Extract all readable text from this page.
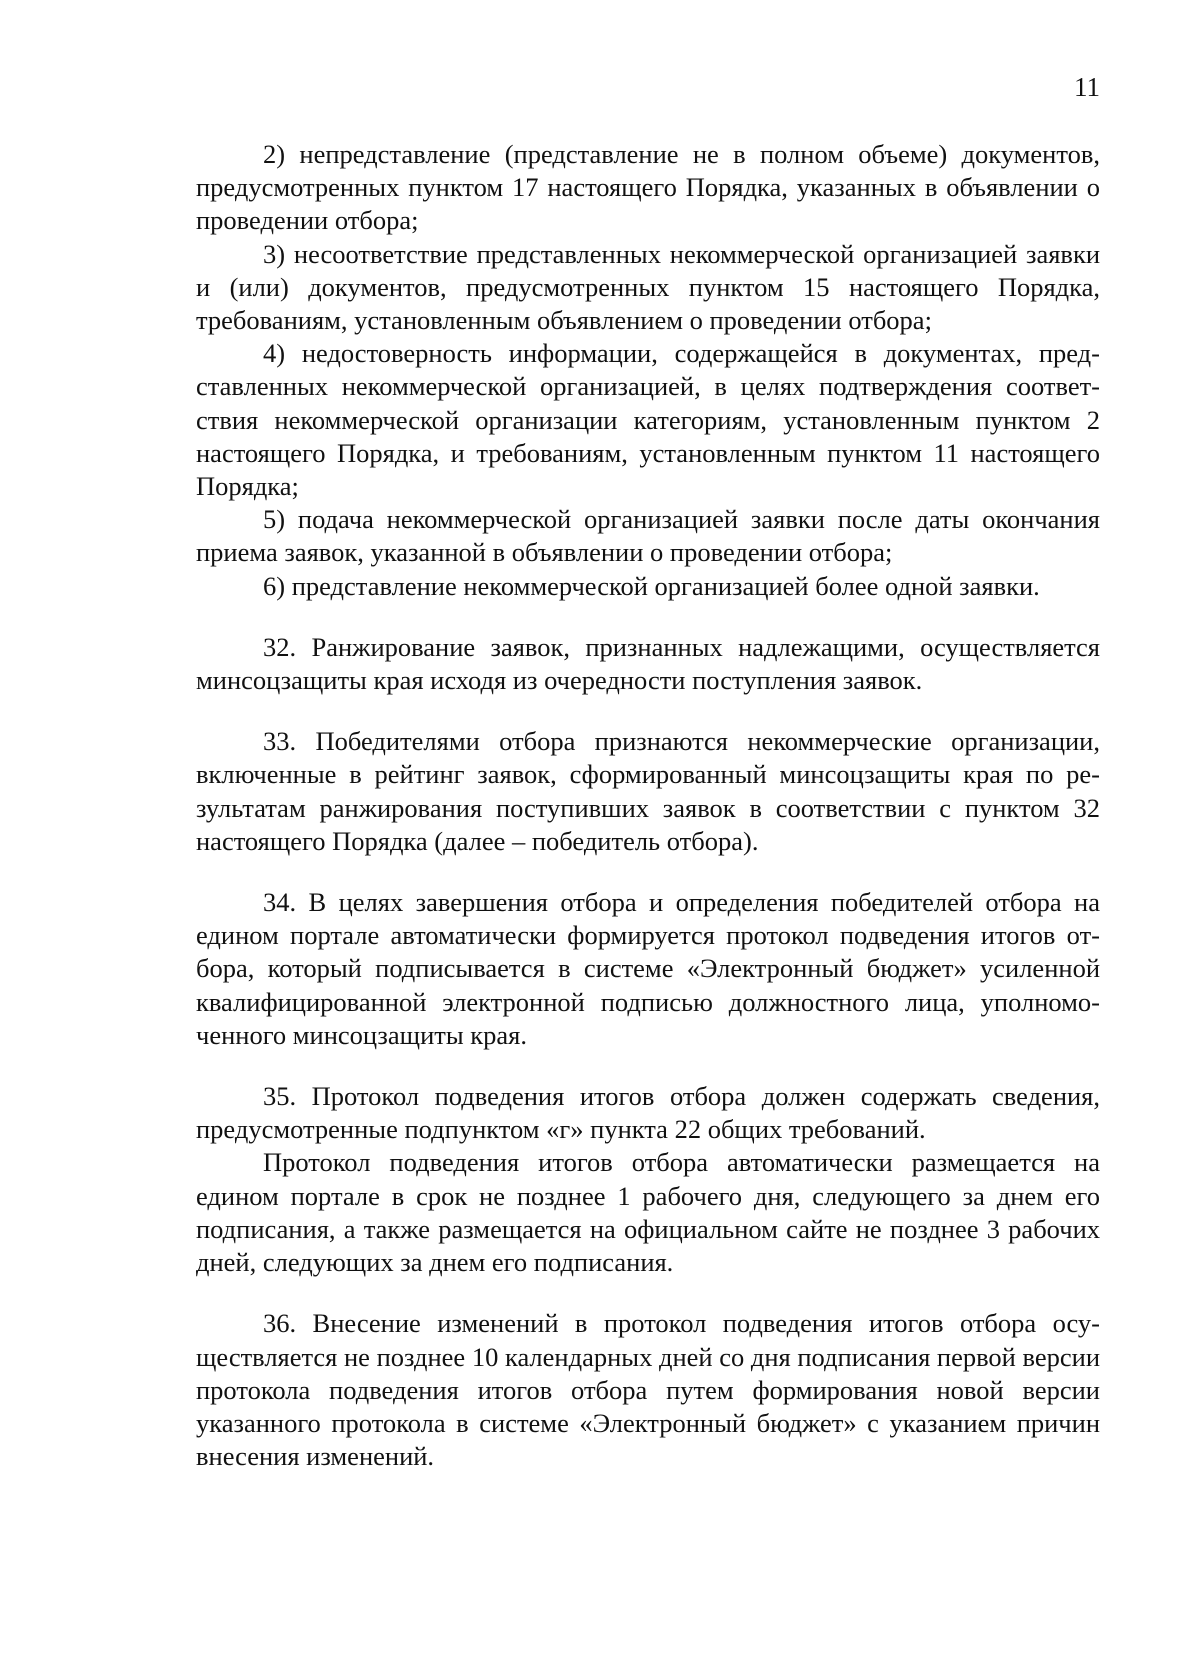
11

2) непредставление (представление не в полном объеме) документов, предусмотренных пунктом 17 настоящего Порядка, указанных в объявлении о проведении отбора;

3) несоответствие представленных некоммерческой организацией заявки и (или) документов, предусмотренных пунктом 15 настоящего Порядка, требованиям, установленным объявлением о проведении отбора;

4) недостоверность информации, содержащейся в документах, представленных некоммерческой организацией, в целях подтверждения соответствия некоммерческой организации категориям, установленным пунктом 2 настоящего Порядка, и требованиям, установленным пунктом 11 настоящего Порядка;

5) подача некоммерческой организацией заявки после даты окончания приема заявок, указанной в объявлении о проведении отбора;

6) представление некоммерческой организацией более одной заявки.

32. Ранжирование заявок, признанных надлежащими, осуществляется минсоцзащиты края исходя из очередности поступления заявок.

33. Победителями отбора признаются некоммерческие организации, включенные в рейтинг заявок, сформированный минсоцзащиты края по результатам ранжирования поступивших заявок в соответствии с пунктом 32 настоящего Порядка (далее – победитель отбора).

34. В целях завершения отбора и определения победителей отбора на едином портале автоматически формируется протокол подведения итогов отбора, который подписывается в системе «Электронный бюджет» усиленной квалифицированной электронной подписью должностного лица, уполномоченного минсоцзащиты края.

35. Протокол подведения итогов отбора должен содержать сведения, предусмотренные подпунктом «г» пункта 22 общих требований.

Протокол подведения итогов отбора автоматически размещается на едином портале в срок не позднее 1 рабочего дня, следующего за днем его подписания, а также размещается на официальном сайте не позднее 3 рабочих дней, следующих за днем его подписания.

36. Внесение изменений в протокол подведения итогов отбора осуществляется не позднее 10 календарных дней со дня подписания первой версии протокола подведения итогов отбора путем формирования новой версии указанного протокола в системе «Электронный бюджет» с указанием причин внесения изменений.
